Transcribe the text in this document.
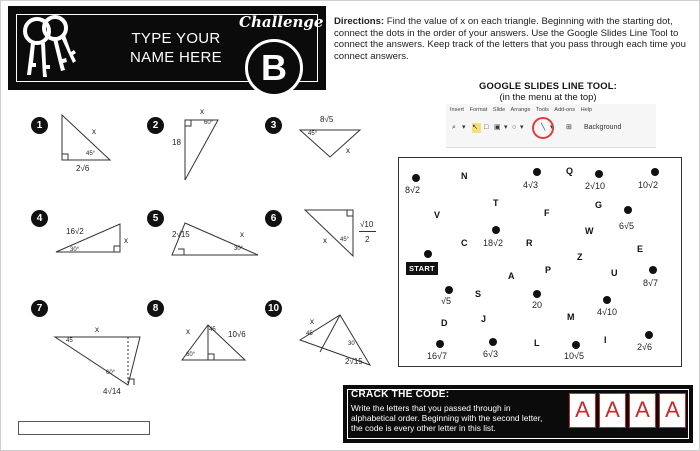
TYPE YOUR
NAME HERE
Challenge
B
Directions: Find the value of x on each triangle. Beginning with the starting dot, connect the dots in the order of your answers. Use the Google Slides Line Tool to connect the answers. Keep track of the letters that you pass through each time you connect answers.
GOOGLE SLIDES LINE TOOL:
(in the menu at the top)
Insert Format Slide Arrange Tools Add-ons Help
⌕ ▾ ↖ □ ▣ ▾ ○ ▾ ╲ ▾ ⊞ Background
1	2	3
4	5	6
7	8	10
x
45°
2√6
x
60°
18
8√5
45°
x
16√2
x
30°
2√15	x
30°
√10
2
x 45°
x
45
60°
4√14
x	45 10√6
60°
x
45
30
2√15
8√2	4√3	2√10	10√2
6√5
18√2
√5	20
4√10
8√7
2√6
16√7	6√3	10√5
START
N	Q
T	G
F
V
W
C	R
E
Z
A
P	U
S
J
D
M
L	I
CRACK THE CODE:
Write the letters that you passed through in alphabetical order. Beginning with the second letter, the code is every other letter in this list.
A A A A
